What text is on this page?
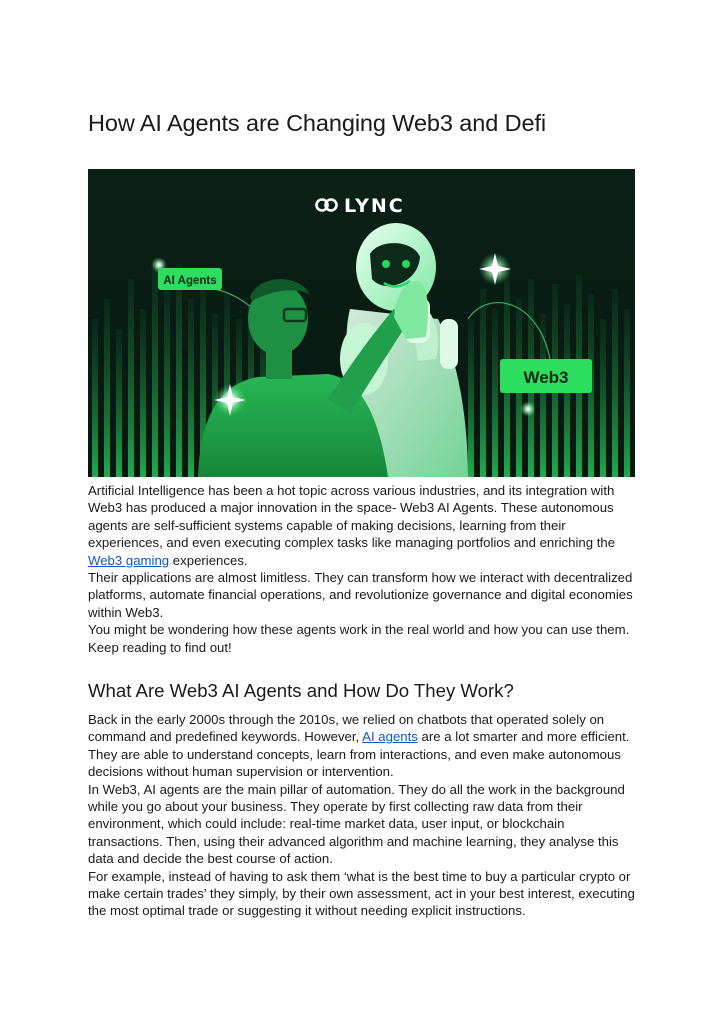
How AI Agents are Changing Web3 and Defi
LYNC
AI Agents
Web3

Artificial Intelligence has been a hot topic across various industries, and its integration with Web3 has produced a major innovation in the space- Web3 AI Agents. These autonomous agents are self-sufficient systems capable of making decisions, learning from their experiences, and even executing complex tasks like managing portfolios and enriching the Web3 gaming experiences.

Their applications are almost limitless. They can transform how we interact with decentralized platforms, automate financial operations, and revolutionize governance and digital economies within Web3.

You might be wondering how these agents work in the real world and how you can use them. Keep reading to find out!

What Are Web3 AI Agents and How Do They Work?

Back in the early 2000s through the 2010s, we relied on chatbots that operated solely on command and predefined keywords. However, AI agents are a lot smarter and more efficient. They are able to understand concepts, learn from interactions, and even make autonomous decisions without human supervision or intervention.

In Web3, AI agents are the main pillar of automation. They do all the work in the background while you go about your business. They operate by first collecting raw data from their environment, which could include: real-time market data, user input, or blockchain transactions. Then, using their advanced algorithm and machine learning, they analyse this data and decide the best course of action.

For example, instead of having to ask them ‘what is the best time to buy a particular crypto or make certain trades’ they simply, by their own assessment, act in your best interest, executing the most optimal trade or suggesting it without needing explicit instructions.
